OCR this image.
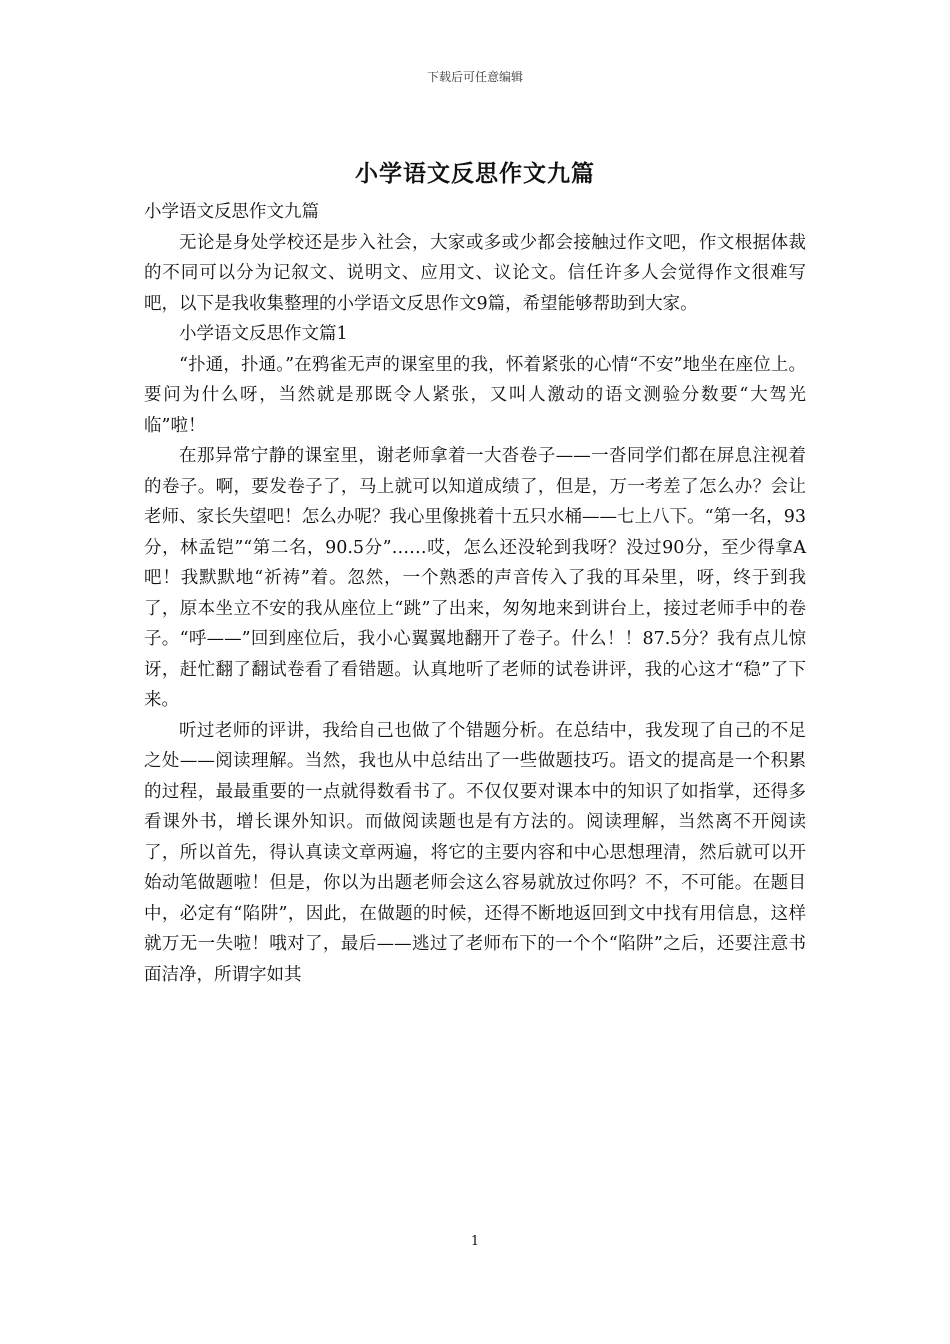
下载后可任意编辑
小学语文反思作文九篇

小学语文反思作文九篇

无论是身处学校还是步入社会，大家或多或少都会接触过作文吧，作文根据体裁的不同可以分为记叙文、说明文、应用文、议论文。信任许多人会觉得作文很难写吧，以下是我收集整理的小学语文反思作文9篇，希望能够帮助到大家。

小学语文反思作文篇1

“扑通，扑通。”在鸦雀无声的课室里的我，怀着紧张的心情“不安”地坐在座位上。要问为什么呀，当然就是那既令人紧张，又叫人激动的语文测验分数要“大驾光临”啦！

在那异常宁静的课室里，谢老师拿着一大沓卷子——一沓同学们都在屏息注视着的卷子。啊，要发卷子了，马上就可以知道成绩了，但是，万一考差了怎么办？会让老师、家长失望吧！怎么办呢？我心里像挑着十五只水桶——七上八下。“第一名，93分，林孟铠”“第二名，90.5分”……哎，怎么还没轮到我呀？没过90分，至少得拿A吧！我默默地“祈祷”着。忽然，一个熟悉的声音传入了我的耳朵里，呀，终于到我了，原本坐立不安的我从座位上“跳”了出来，匆匆地来到讲台上，接过老师手中的卷子。“呼——”回到座位后，我小心翼翼地翻开了卷子。什么！！87.5分？我有点儿惊讶，赶忙翻了翻试卷看了看错题。认真地听了老师的试卷讲评，我的心这才“稳”了下来。

听过老师的评讲，我给自己也做了个错题分析。在总结中，我发现了自己的不足之处——阅读理解。当然，我也从中总结出了一些做题技巧。语文的提高是一个积累的过程，最最重要的一点就得数看书了。不仅仅要对课本中的知识了如指掌，还得多看课外书，增长课外知识。而做阅读题也是有方法的。阅读理解，当然离不开阅读了，所以首先，得认真读文章两遍，将它的主要内容和中心思想理清，然后就可以开始动笔做题啦！但是，你以为出题老师会这么容易就放过你吗？不，不可能。在题目中，必定有“陷阱”，因此，在做题的时候，还得不断地返回到文中找有用信息，这样就万无一失啦！哦对了，最后——逃过了老师布下的一个个“陷阱”之后，还要注意书面洁净，所谓字如其

1
